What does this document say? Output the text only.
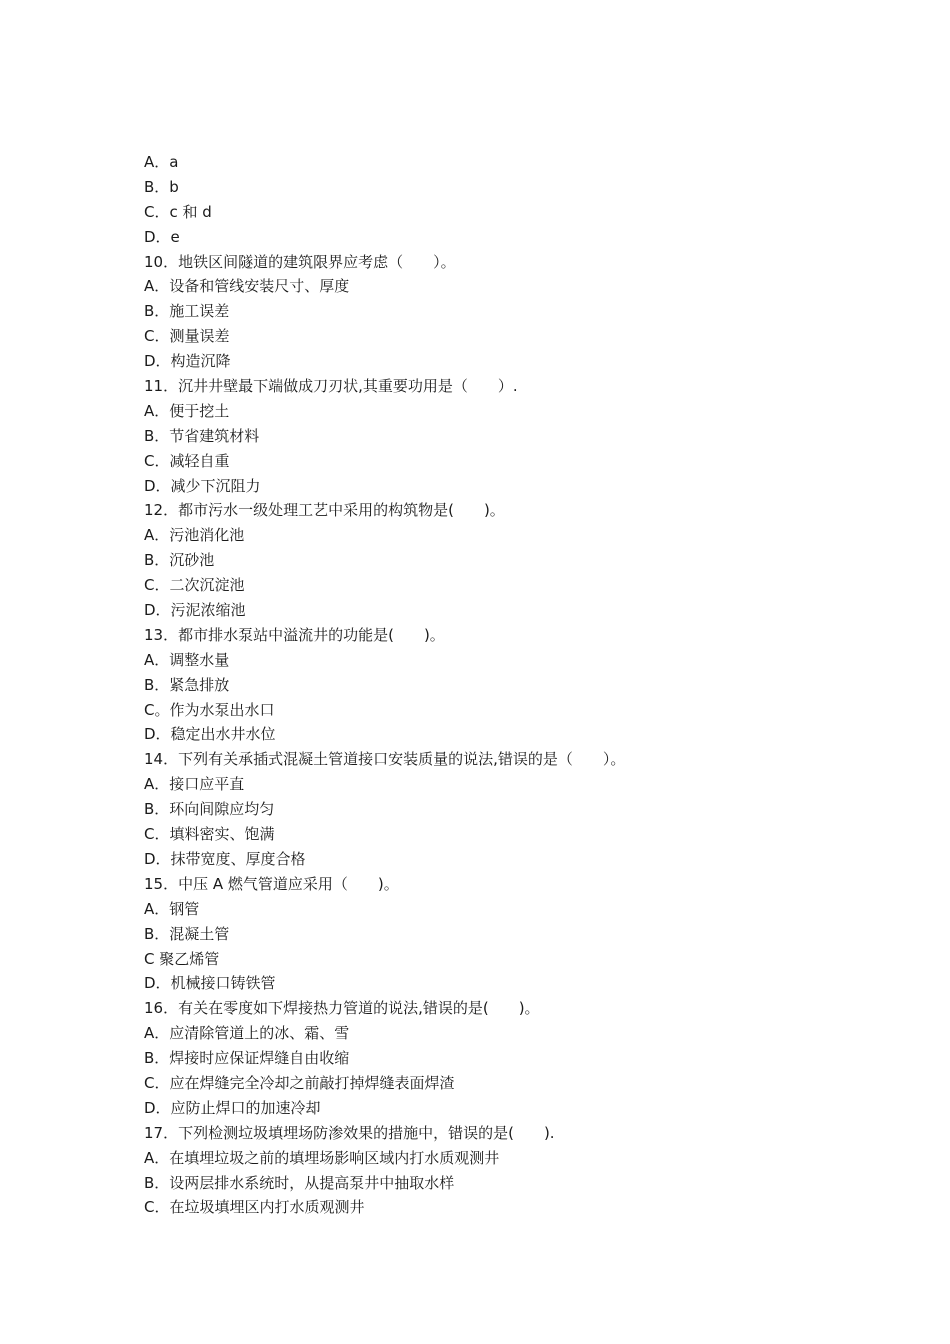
A．a
B．b
C．c 和 d
D．e
10．地铁区间隧道的建筑限界应考虑（　　）。
A．设备和管线安装尺寸、厚度
B．施工误差
C．测量误差
D．构造沉降
11．沉井井壁最下端做成刀刃状,其重要功用是（　　）.
A．便于挖土
B．节省建筑材料
C．减轻自重
D．减少下沉阻力
12．都市污水一级处理工艺中采用的构筑物是(　　)。
A．污池消化池
B．沉砂池
C．二次沉淀池
D．污泥浓缩池
13．都市排水泵站中溢流井的功能是(　　)。
A．调整水量
B．紧急排放
C。作为水泵出水口
D．稳定出水井水位
14．下列有关承插式混凝土管道接口安装质量的说法,错误的是（　　）。
A．接口应平直
B．环向间隙应均匀
C．填料密实、饱满
D．抹带宽度、厚度合格
15．中压 A 燃气管道应采用（　　)。
A．钢管
B．混凝土管
C 聚乙烯管
D．机械接口铸铁管
16．有关在零度如下焊接热力管道的说法,错误的是(　　)。
A．应清除管道上的冰、霜、雪
B．焊接时应保证焊缝自由收缩
C．应在焊缝完全冷却之前敲打掉焊缝表面焊渣
D．应防止焊口的加速冷却
17．下列检测垃圾填埋场防渗效果的措施中，错误的是(　　).
A．在填埋垃圾之前的填埋场影响区域内打水质观测井
B．设两层排水系统时，从提高泵井中抽取水样
C．在垃圾填埋区内打水质观测井
